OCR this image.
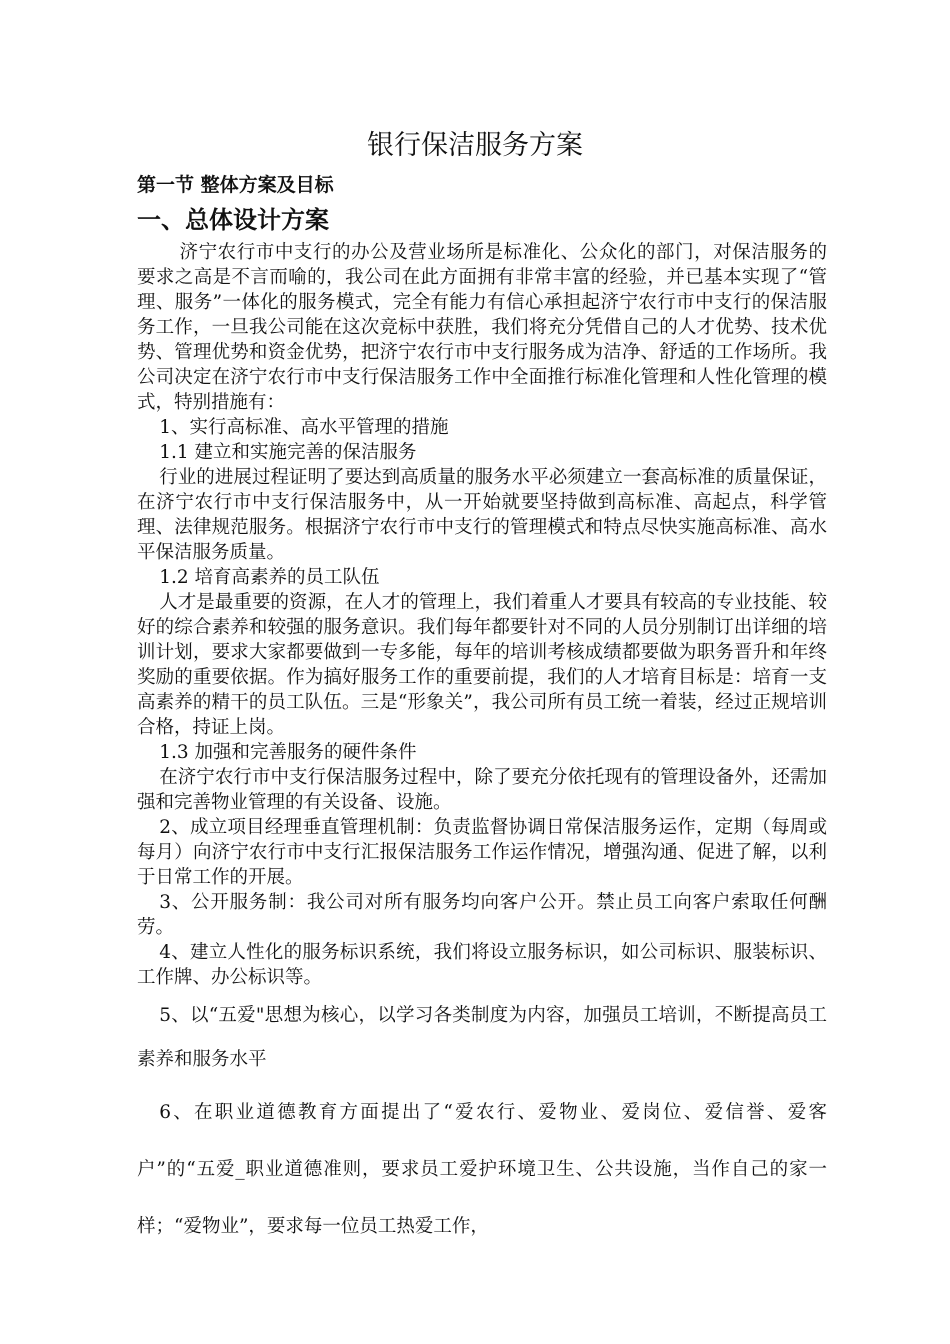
银行保洁服务方案
第一节 整体方案及目标
一、总体设计方案

济宁农行市中支行的办公及营业场所是标准化、公众化的部门，对保洁服务的要求之高是不言而喻的，我公司在此方面拥有非常丰富的经验，并已基本实现了“管理、服务”一体化的服务模式，完全有能力有信心承担起济宁农行市中支行的保洁服务工作，一旦我公司能在这次竞标中获胜，我们将充分凭借自己的人才优势、技术优势、管理优势和资金优势，把济宁农行市中支行服务成为洁净、舒适的工作场所。我公司决定在济宁农行市中支行保洁服务工作中全面推行标准化管理和人性化管理的模式，特别措施有：

1、实行高标准、高水平管理的措施

1.1 建立和实施完善的保洁服务

行业的进展过程证明了要达到高质量的服务水平必须建立一套高标准的质量保证，在济宁农行市中支行保洁服务中，从一开始就要坚持做到高标准、高起点，科学管理、法律规范服务。根据济宁农行市中支行的管理模式和特点尽快实施高标准、高水平保洁服务质量。

1.2 培育高素养的员工队伍

人才是最重要的资源，在人才的管理上，我们着重人才要具有较高的专业技能、较好的综合素养和较强的服务意识。我们每年都要针对不同的人员分别制订出详细的培训计划，要求大家都要做到一专多能，每年的培训考核成绩都要做为职务晋升和年终奖励的重要依据。作为搞好服务工作的重要前提，我们的人才培育目标是：培育一支高素养的精干的员工队伍。三是“形象关”，我公司所有员工统一着装，经过正规培训合格，持证上岗。

1.3 加强和完善服务的硬件条件

在济宁农行市中支行保洁服务过程中，除了要充分依托现有的管理设备外，还需加强和完善物业管理的有关设备、设施。

2、成立项目经理垂直管理机制：负责监督协调日常保洁服务运作，定期（每周或每月）向济宁农行市中支行汇报保洁服务工作运作情况，增强沟通、促进了解，以利于日常工作的开展。

3、公开服务制：我公司对所有服务均向客户公开。禁止员工向客户索取任何酬劳。

4、建立人性化的服务标识系统，我们将设立服务标识，如公司标识、服装标识、工作牌、办公标识等。

5、以“五爱"思想为核心，以学习各类制度为内容，加强员工培训，不断提高员工素养和服务水平

6、在职业道德教育方面提出了“爱农行、爱物业、爱岗位、爱信誉、爱客户”的“五爱_职业道德准则，要求员工爱护环境卫生、公共设施，当作自己的家一样；“爱物业”，要求每一位员工热爱工作，
